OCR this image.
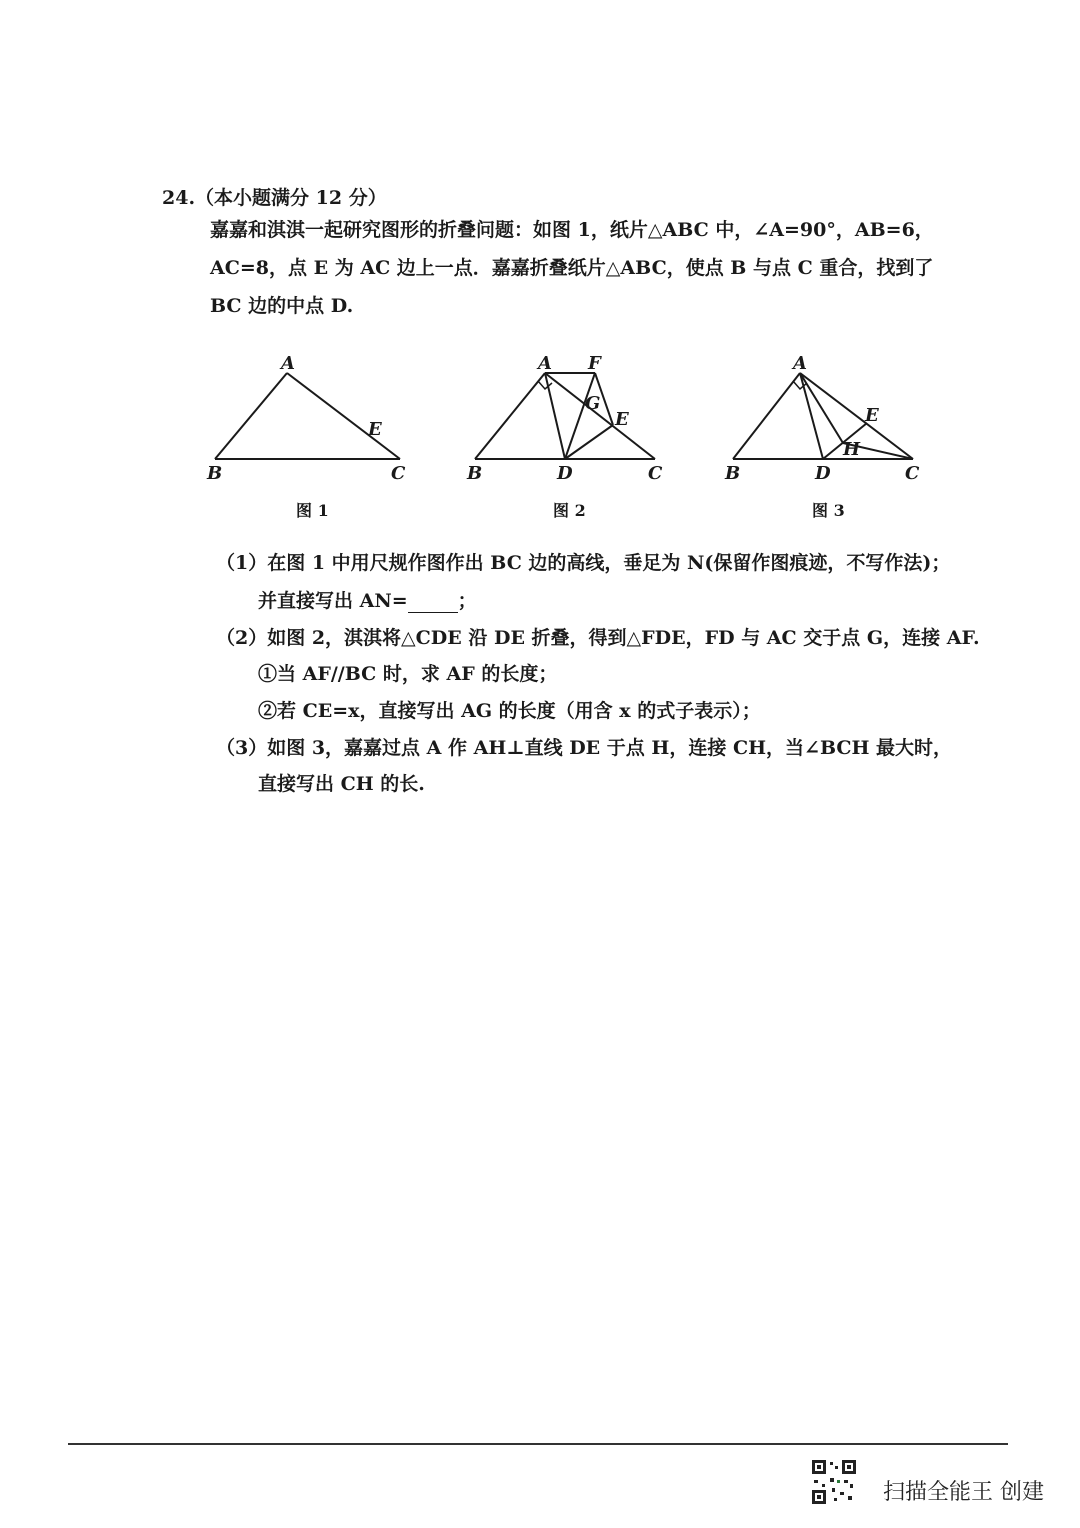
24.（本小题满分 12 分）
嘉嘉和淇淇一起研究图形的折叠问题：如图 1，纸片△ABC 中，∠A=90°，AB=6，
AC=8，点 E 为 AC 边上一点．嘉嘉折叠纸片△ABC，使点 B 与点 C 重合，找到了
BC 边的中点 D.
A
B	C
E
A F
G
E
B	D	C
A
E
H
B	D	C
图 1	图 2	图 3
（1）在图 1 中用尺规作图作出 BC 边的高线，垂足为 N(保留作图痕迹，不写作法)；
并直接写出 AN=	；
（2）如图 2，淇淇将△CDE 沿 DE 折叠，得到△FDE，FD 与 AC 交于点 G，连接 AF.
①当 AF//BC 时，求 AF 的长度；
②若 CE=x，直接写出 AG 的长度（用含 x 的式子表示）；
（3）如图 3，嘉嘉过点 A 作 AH⊥直线 DE 于点 H，连接 CH，当∠BCH 最大时，
直接写出 CH 的长.
扫描全能王 创建
